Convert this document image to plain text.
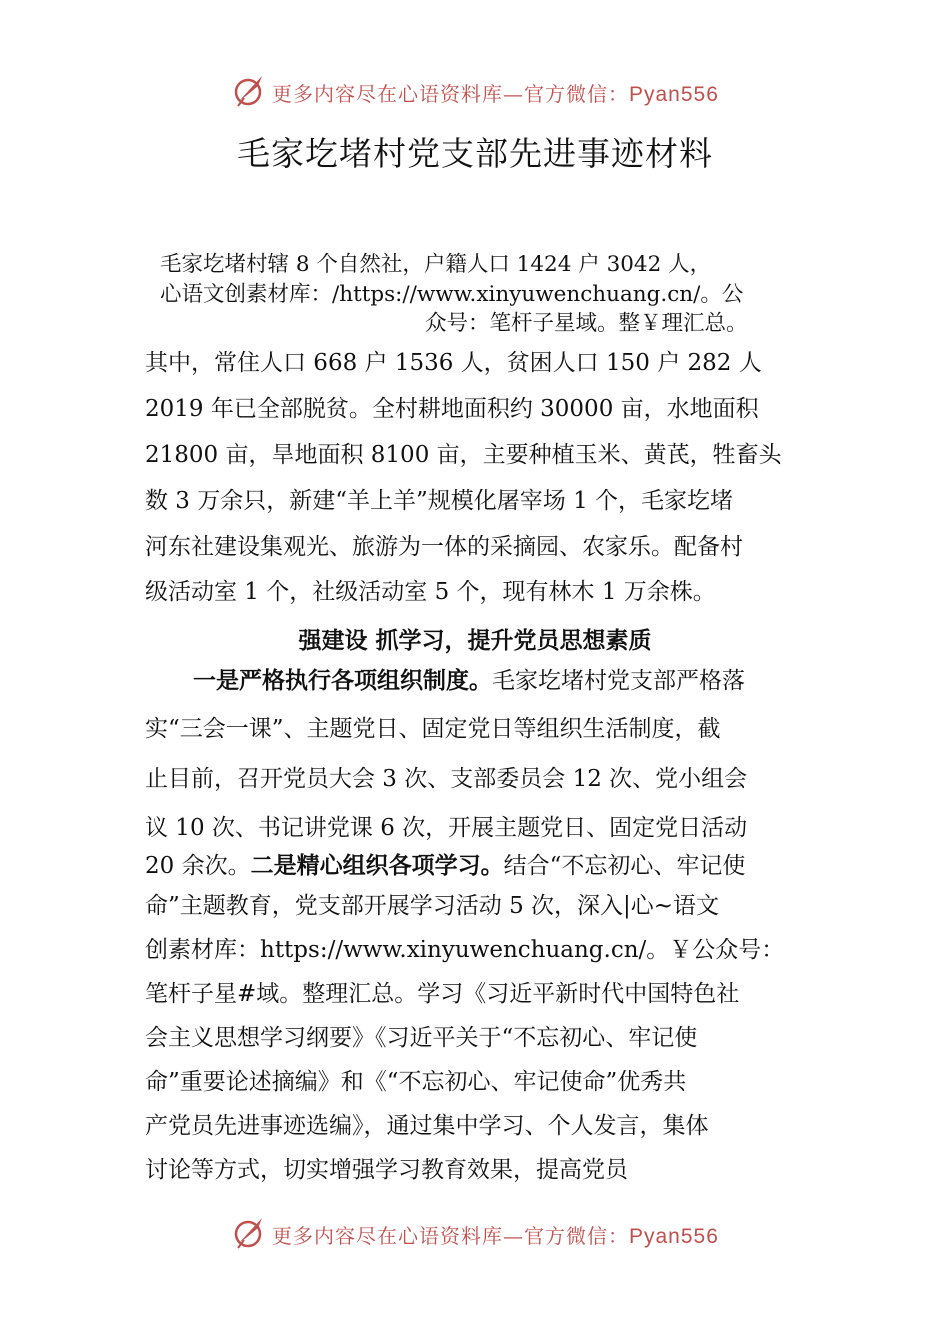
更多内容尽在心语资料库—官方微信：Pyan556
毛家圪堵村党支部先进事迹材料
毛家圪堵村辖 8 个自然社，户籍人口 1424 户 3042 人，
心语文创素材库：/https://www.xinyuwenchuang.cn/。公
众号：笔杆子星域。整￥理汇总。
其中，常住人口 668 户 1536 人，贫困人口 150 户 282 人
2019 年已全部脱贫。全村耕地面积约 30000 亩，水地面积
21800 亩，旱地面积 8100 亩，主要种植玉米、黄芪，牲畜头
数 3 万余只，新建“羊上羊”规模化屠宰场 1 个，毛家圪堵
河东社建设集观光、旅游为一体的采摘园、农家乐。配备村
级活动室 1 个，社级活动室 5 个，现有林木 1 万余株。
强建设 抓学习，提升党员思想素质
一是严格执行各项组织制度。毛家圪堵村党支部严格落
实“三会一课”、主题党日、固定党日等组织生活制度，截
止目前，召开党员大会 3 次、支部委员会 12 次、党小组会
议 10 次、书记讲党课 6 次，开展主题党日、固定党日活动
20 余次。二是精心组织各项学习。结合“不忘初心、牢记使
命”主题教育，党支部开展学习活动 5 次，深入|心~语文
创素材库：https://www.xinyuwenchuang.cn/。￥公众号：
笔杆子星#域。整理汇总。学习《习近平新时代中国特色社
会主义思想学习纲要》《习近平关于“不忘初心、牢记使
命”重要论述摘编》和《“不忘初心、牢记使命”优秀共
产党员先进事迹选编》，通过集中学习、个人发言，集体
讨论等方式，切实增强学习教育效果，提高党员
更多内容尽在心语资料库—官方微信：Pyan556
